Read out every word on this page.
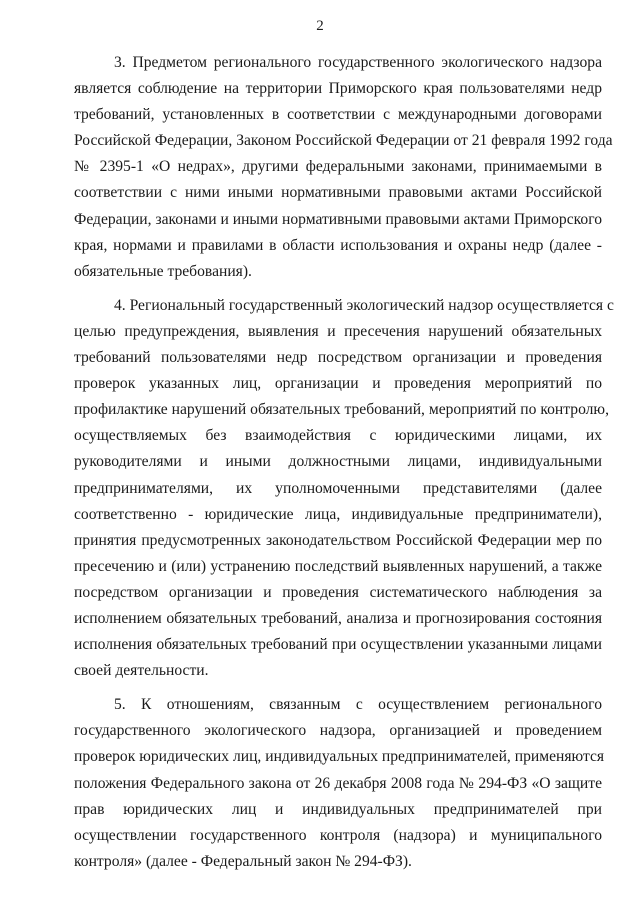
2

3. Предметом регионального государственного экологического надзора
является соблюдение на территории Приморского края пользователями недр
требований, установленных в соответствии с международными договорами
Российской Федерации, Законом Российской Федерации от 21 февраля 1992 года
№ 2395-1 «О недрах», другими федеральными законами, принимаемыми в
соответствии с ними иными нормативными правовыми актами Российской
Федерации, законами и иными нормативными правовыми актами Приморского
края, нормами и правилами в области использования и охраны недр (далее -
обязательные требования).

4. Региональный государственный экологический надзор осуществляется с
целью предупреждения, выявления и пресечения нарушений обязательных
требований пользователями недр посредством организации и проведения
проверок указанных лиц, организации и проведения мероприятий по
профилактике нарушений обязательных требований, мероприятий по контролю,
осуществляемых без взаимодействия с юридическими лицами, их
руководителями и иными должностными лицами, индивидуальными
предпринимателями, их уполномоченными представителями (далее
соответственно - юридические лица, индивидуальные предприниматели),
принятия предусмотренных законодательством Российской Федерации мер по
пресечению и (или) устранению последствий выявленных нарушений, а также
посредством организации и проведения систематического наблюдения за
исполнением обязательных требований, анализа и прогнозирования состояния
исполнения обязательных требований при осуществлении указанными лицами
своей деятельности.

5. К отношениям, связанным с осуществлением регионального
государственного экологического надзора, организацией и проведением
проверок юридических лиц, индивидуальных предпринимателей, применяются
положения Федерального закона от 26 декабря 2008 года № 294-ФЗ «О защите
прав юридических лиц и индивидуальных предпринимателей при
осуществлении государственного контроля (надзора) и муниципального
контроля» (далее - Федеральный закон № 294-ФЗ).
